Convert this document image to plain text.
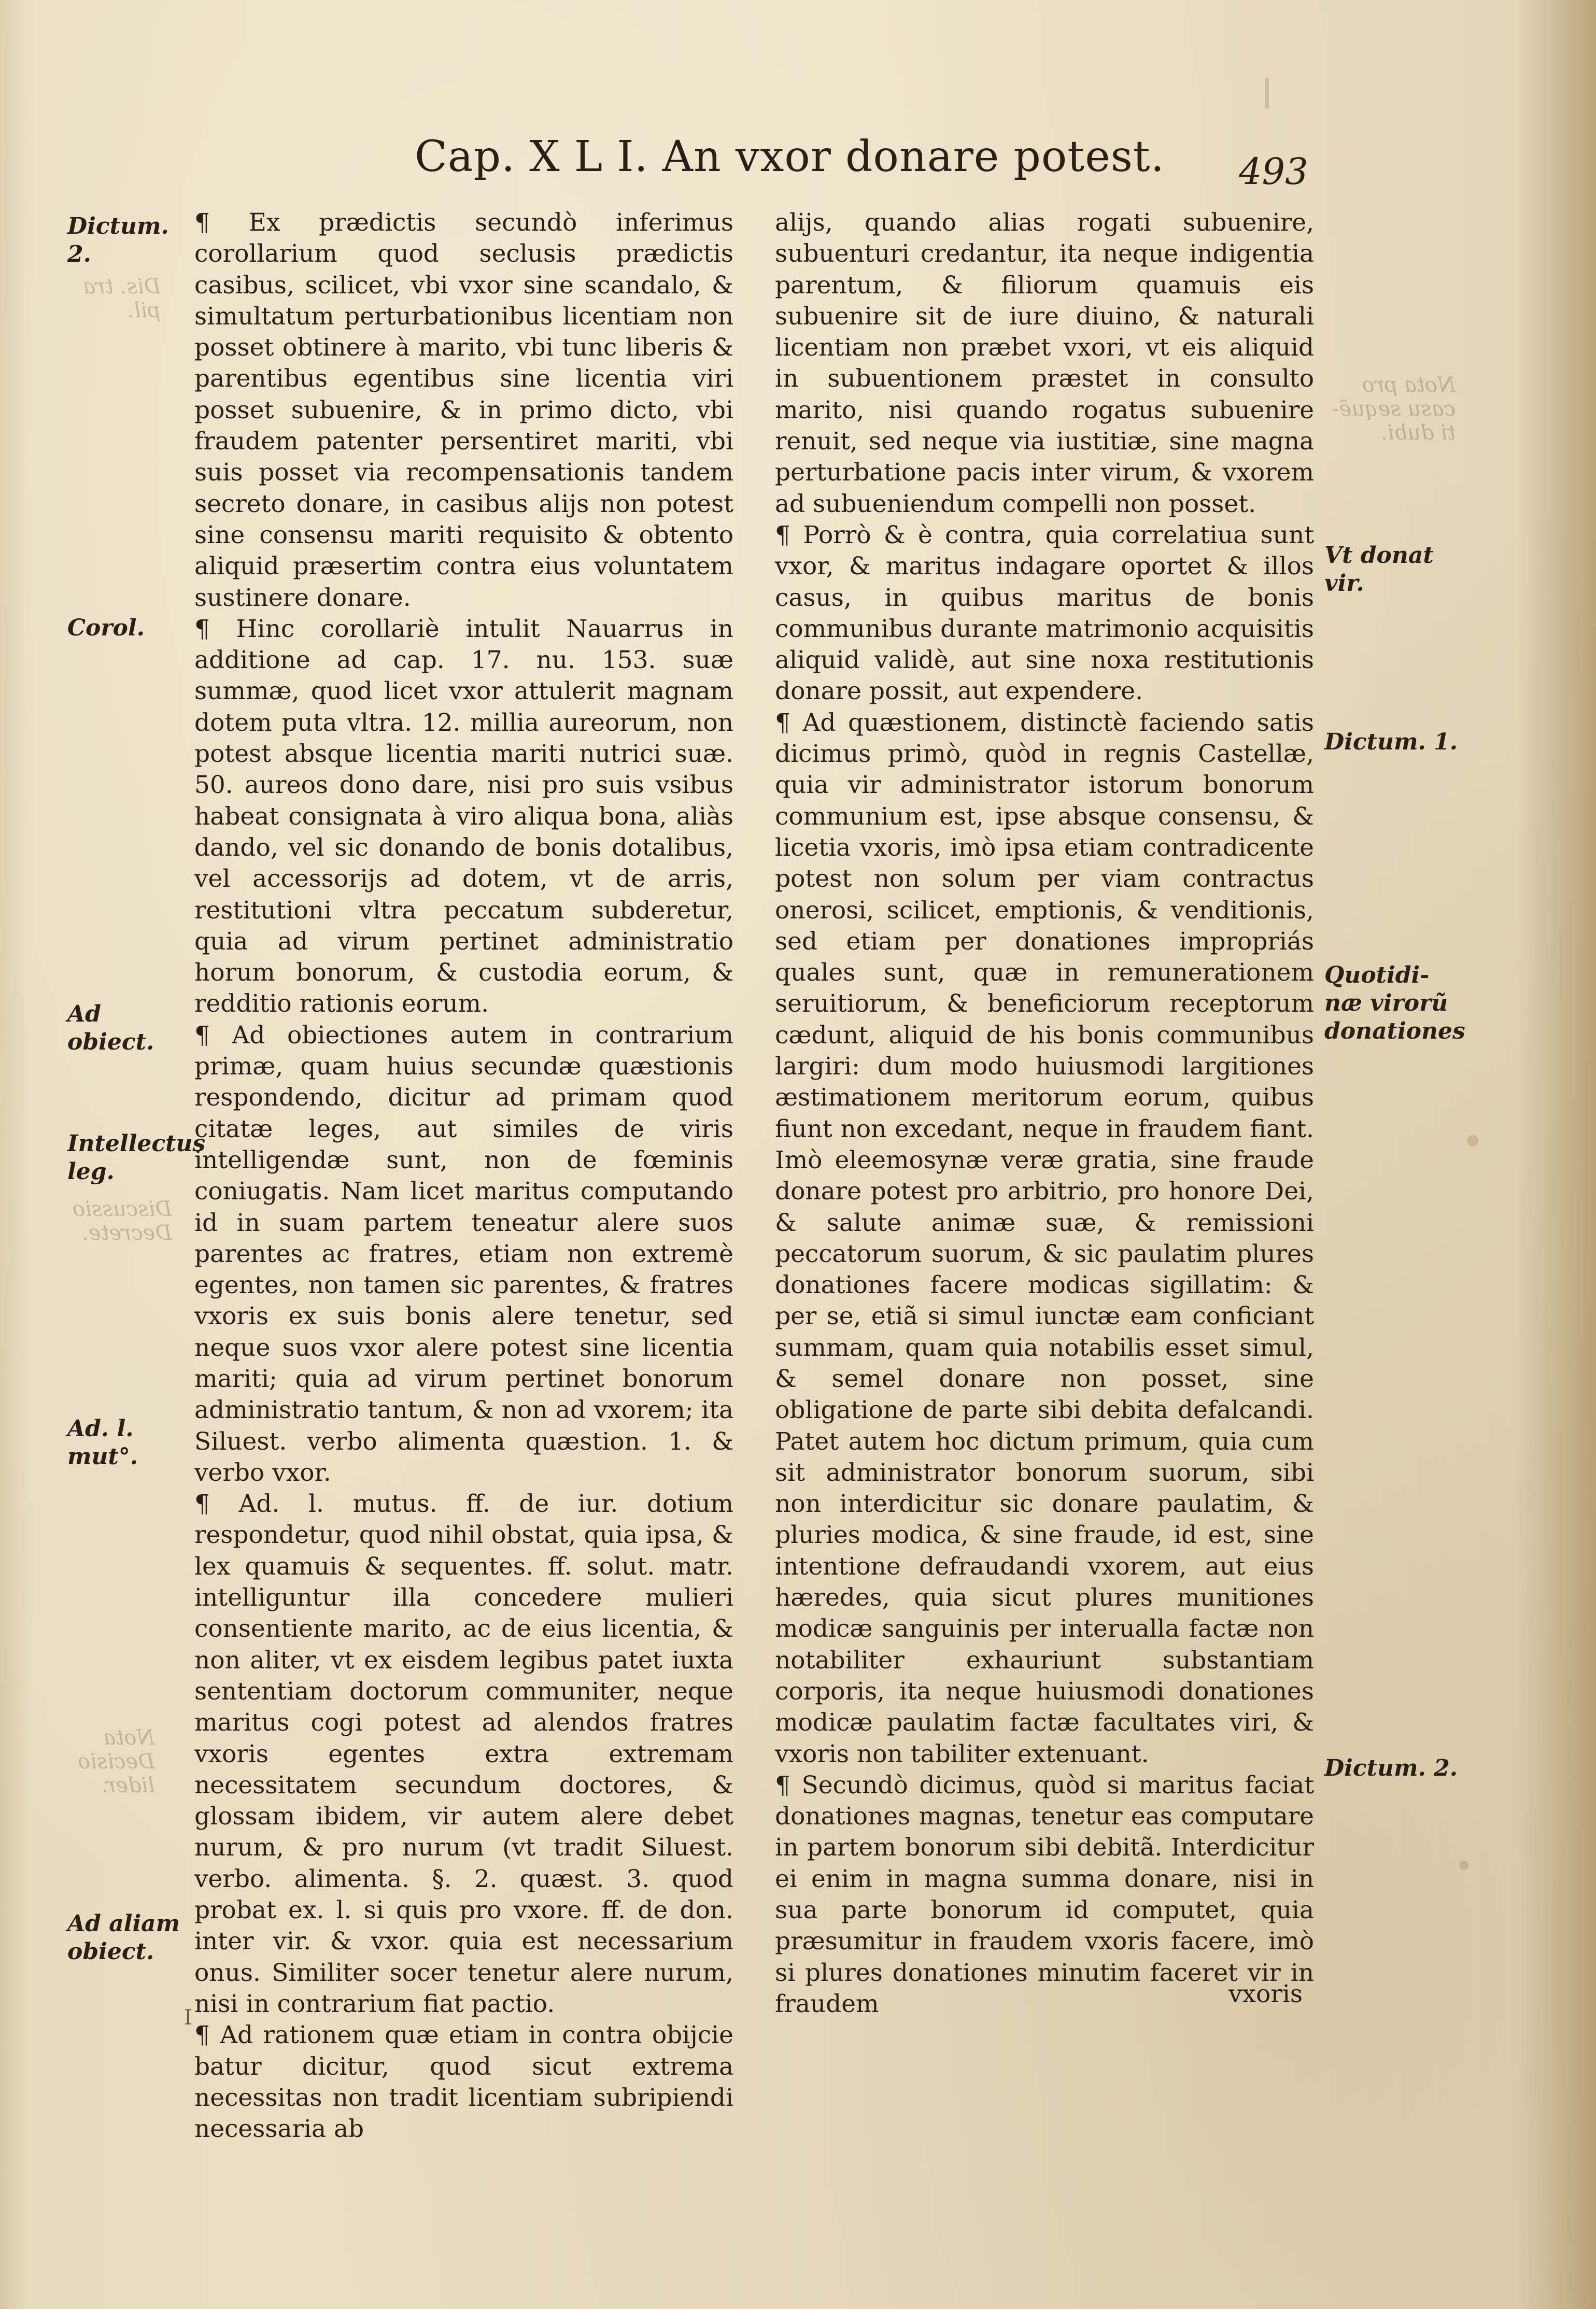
Nota pro
casu sequẽ-
ti dubi.
Dis. tra
pil.
Discussio
Decrete.
Nota
Decisio
lider.
Cap. X L I. An vxor donare potest. 493
Dictum. 2.
Corol.
Ad obiect.
Intellectus
leg.
Ad. l. mut°.
Ad aliam
obiect.
Vt donat
vir.
Dictum. 1.
Quotidi-
næ virorũ
donationes
Dictum. 2.

¶ Ex prædictis secundò inferimus corollarium quod seclusis prædictis casibus, scilicet, vbi vxor sine scandalo, & simultatum perturbationibus licentiam non posset obtinere à marito, vbi tunc liberis & parentibus egentibus sine licentia viri posset subuenire, & in primo dicto, vbi fraudem patenter persentiret mariti, vbi suis posset via recompensationis tandem secreto donare, in casibus alijs non potest sine consensu mariti requisito & obtento aliquid præsertim contra eius voluntatem sustinere donare.

¶ Hinc corollariè intulit Nauarrus in additione ad cap. 17. nu. 153. suæ summæ, quod licet vxor attulerit magnam dotem puta vltra. 12. millia aureorum, non potest absque licentia mariti nutrici suæ. 50. aureos dono dare, nisi pro suis vsibus habeat consignata à viro aliqua bona, aliàs dando, vel sic donando de bonis dotalibus, vel accessorijs ad dotem, vt de arris, restitutioni vltra peccatum subderetur, quia ad virum pertinet administratio horum bonorum, & custodia eorum, & redditio rationis eorum.

¶ Ad obiectiones autem in contrarium primæ, quam huius secundæ quæstionis respondendo, dicitur ad primam quod citatæ leges, aut similes de viris intelligendæ sunt, non de fœminis coniugatis. Nam licet maritus computando id in suam partem teneatur alere suos parentes ac fratres, etiam non extremè egentes, non tamen sic parentes, & fratres vxoris ex suis bonis alere tenetur, sed neque suos vxor alere potest sine licentia mariti; quia ad virum pertinet bonorum administratio tantum, & non ad vxorem; ita Siluest. verbo alimenta quæstion. 1. & verbo vxor.

¶ Ad. l. mutus. ff. de iur. dotium respondetur, quod nihil obstat, quia ipsa, & lex quamuis & sequentes. ff. solut. matr. intelliguntur illa concedere mulieri consentiente marito, ac de eius licentia, & non aliter, vt ex eisdem legibus patet iuxta sententiam doctorum communiter, neque maritus cogi potest ad alendos fratres vxoris egentes extra extremam necessitatem secundum doctores, & glossam ibidem, vir autem alere debet nurum, & pro nurum (vt tradit Siluest. verbo. alimenta. §. 2. quæst. 3. quod probat ex. l. si quis pro vxore. ff. de don. inter vir. & vxor. quia est necessarium onus. Similiter socer tenetur alere nurum, nisi in contrarium fiat pactio.

¶ Ad rationem quæ etiam in contra obijcie batur dicitur, quod sicut extrema necessitas non tradit licentiam subripiendi necessaria ab

alijs, quando alias rogati subuenire, subuenturi credantur, ita neque indigentia parentum, & filiorum quamuis eis subuenire sit de iure diuino, & naturali licentiam non præbet vxori, vt eis aliquid in subuentionem præstet in consulto marito, nisi quando rogatus subuenire renuit, sed neque via iustitiæ, sine magna perturbatione pacis inter virum, & vxorem ad subueniendum compelli non posset.

¶ Porrò & è contra, quia correlatiua sunt vxor, & maritus indagare oportet & illos casus, in quibus maritus de bonis communibus durante matrimonio acquisitis aliquid validè, aut sine noxa restitutionis donare possit, aut expendere.

¶ Ad quæstionem, distinctè faciendo satis dicimus primò, quòd in regnis Castellæ, quia vir administrator istorum bonorum communium est, ipse absque consensu, & licetia vxoris, imò ipsa etiam contradicente potest non solum per viam contractus onerosi, scilicet, emptionis, & venditionis, sed etiam per donationes impropriás quales sunt, quæ in remunerationem seruitiorum, & beneficiorum receptorum cædunt, aliquid de his bonis communibus largiri: dum modo huiusmodi largitiones æstimationem meritorum eorum, quibus fiunt non excedant, neque in fraudem fiant. Imò eleemosynæ veræ gratia, sine fraude donare potest pro arbitrio, pro honore Dei, & salute animæ suæ, & remissioni peccatorum suorum, & sic paulatim plures donationes facere modicas sigillatim: & per se, etiã si simul iunctæ eam conficiant summam, quam quia notabilis esset simul, & semel donare non posset, sine obligatione de parte sibi debita defalcandi. Patet autem hoc dictum primum, quia cum sit administrator bonorum suorum, sibi non interdicitur sic donare paulatim, & pluries modica, & sine fraude, id est, sine intentione defraudandi vxorem, aut eius hæredes, quia sicut plures munitiones modicæ sanguinis per interualla factæ non notabiliter exhauriunt substantiam corporis, ita neque huiusmodi donationes modicæ paulatim factæ facultates viri, & vxoris non tabiliter extenuant.

¶ Secundò dicimus, quòd si maritus faciat donationes magnas, tenetur eas computare in partem bonorum sibi debitã. Interdicitur ei enim in magna summa donare, nisi in sua parte bonorum id computet, quia præsumitur in fraudem vxoris facere, imò si plures donationes minutim faceret vir in fraudem	vxoris
I
